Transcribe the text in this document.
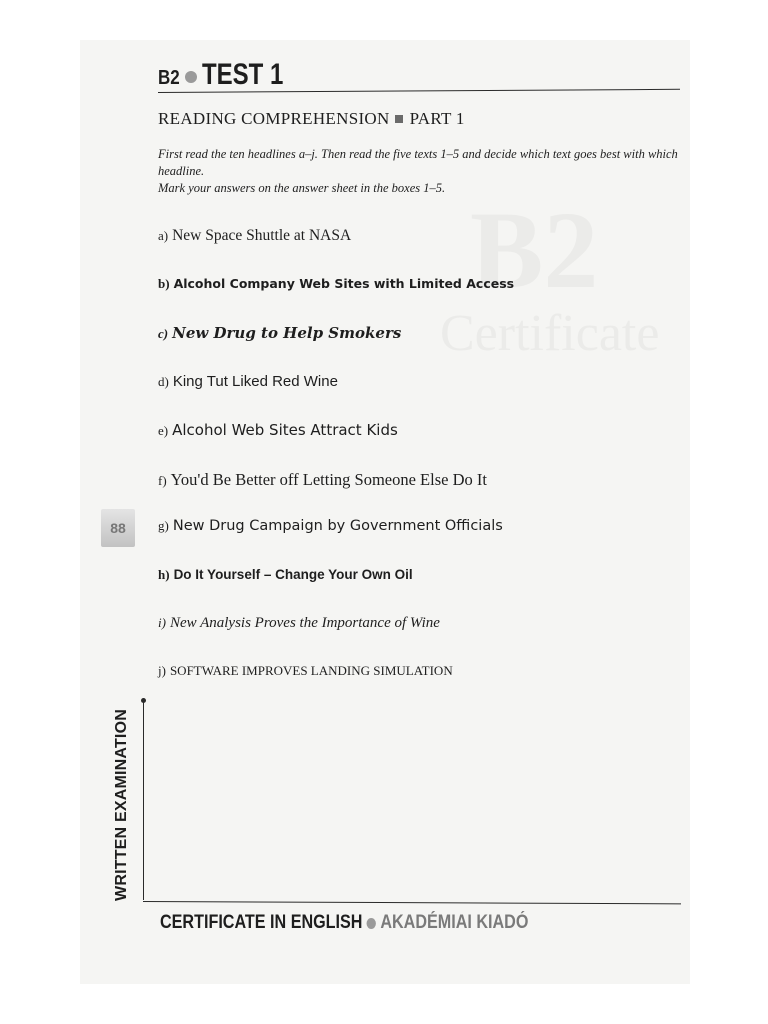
B2
Certificate
B2 TEST 1
READING COMPREHENSION PART 1
First read the ten headlines a–j. Then read the five texts 1–5 and decide which text goes best with which headline.
Mark your answers on the answer sheet in the boxes 1–5.
a) New Space Shuttle at NASA
b) Alcohol Company Web Sites with Limited Access
c) New Drug to Help Smokers
d) King Tut Liked Red Wine
e) Alcohol Web Sites Attract Kids
f) You'd Be Better off Letting Someone Else Do It
g) New Drug Campaign by Government Officials
h) Do It Yourself – Change Your Own Oil
i) New Analysis Proves the Importance of Wine
j) SOFTWARE IMPROVES LANDING SIMULATION
88
WRITTEN EXAMINATION
CERTIFICATE IN ENGLISH AKADÉMIAI KIADÓ
